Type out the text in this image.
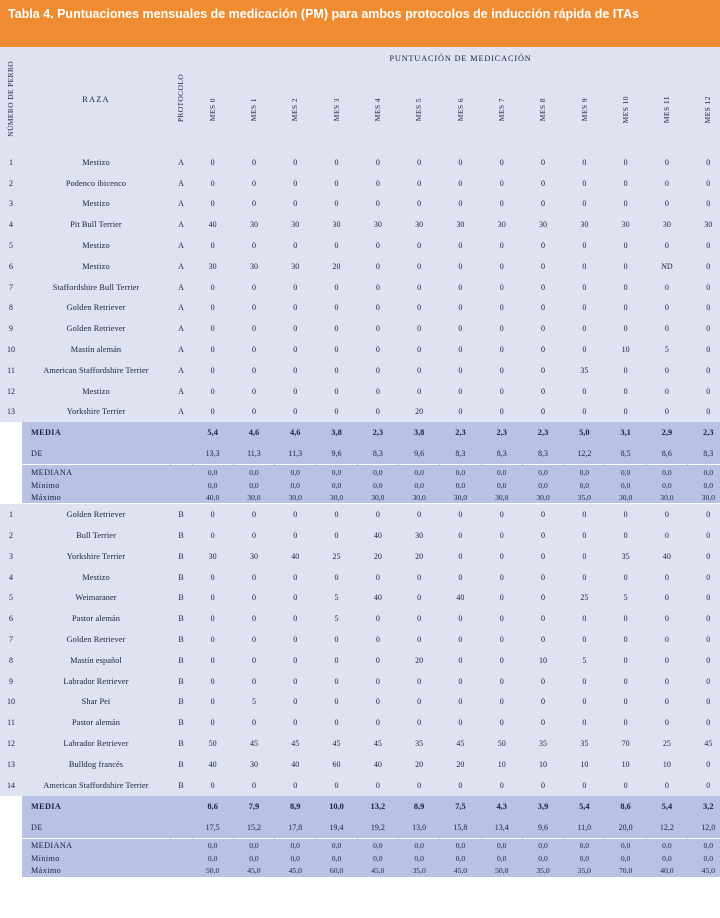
Tabla 4. Puntuaciones mensuales de medicación (PM) para ambos protocolos de inducción rápida de ITAs
NÚMERO DE PERRO	RAZA	PROTOCOLO	PUNTUACIÓN DE MEDICACIÓN												
			MES 0	MES 1	MES 2	MES 3	MES 4	MES 5	MES 6	MES 7	MES 8	MES 9	MES 10	MES 11	MES 12
1	Mestizo	A	0	0	0	0	0	0	0	0	0	0	0	0	0
2	Podenco ibicenco	A	0	0	0	0	0	0	0	0	0	0	0	0	0
3	Mestizo	A	0	0	0	0	0	0	0	0	0	0	0	0	0
4	Pit Bull Terrier	A	40	30	30	30	30	30	30	30	30	30	30	30	30
5	Mestizo	A	0	0	0	0	0	0	0	0	0	0	0	0	0
6	Mestizo	A	30	30	30	20	0	0	0	0	0	0	0	ND	0
7	Staffordshire Bull Terrier	A	0	0	0	0	0	0	0	0	0	0	0	0	0
8	Golden Retriever	A	0	0	0	0	0	0	0	0	0	0	0	0	0
9	Golden Retriever	A	0	0	0	0	0	0	0	0	0	0	0	0	0
10	Mastín alemán	A	0	0	0	0	0	0	0	0	0	0	10	5	0
11	American Staffordshire Terrier	A	0	0	0	0	0	0	0	0	0	35	0	0	0
12	Mestizo	A	0	0	0	0	0	0	0	0	0	0	0	0	0
13	Yorkshire Terrier	A	0	0	0	0	0	20	0	0	0	0	0	0	0
	MEDIA		5,4	4,6	4,6	3,8	2,3	3,8	2,3	2,3	2,3	5,0	3,1	2,9	2,3
	DE		13,3	11,3	11,3	9,6	8,3	9,6	8,3	8,3	8,3	12,2	8,5	8,6	8,3
	MEDIANA		0,0	0,0	0,0	0,0	0,0	0,0	0,0	0,0	0,0	0,0	0,0	0,0	0,0
	Mínimo		0,0	0,0	0,0	0,0	0,0	0,0	0,0	0,0	0,0	0,0	0,0	0,0	0,0
	Máximo		40,0	30,0	30,0	30,0	30,0	30,0	30,0	30,0	30,0	35,0	30,0	30,0	30,0
1	Golden Retriever	B	0	0	0	0	0	0	0	0	0	0	0	0	0
2	Bull Terrier	B	0	0	0	0	40	30	0	0	0	0	0	0	0
3	Yorkshire Terrier	B	30	30	40	25	20	20	0	0	0	0	35	40	0
4	Mestizo	B	0	0	0	0	0	0	0	0	0	0	0	0	0
5	Weimaraner	B	0	0	0	5	40	0	40	0	0	25	5	0	0
6	Pastor alemán	B	0	0	0	5	0	0	0	0	0	0	0	0	0
7	Golden Retriever	B	0	0	0	0	0	0	0	0	0	0	0	0	0
8	Mastín español	B	0	0	0	0	0	20	0	0	10	5	0	0	0
9	Labrador Retriever	B	0	0	0	0	0	0	0	0	0	0	0	0	0
10	Shar Pei	B	0	5	0	0	0	0	0	0	0	0	0	0	0
11	Pastor alemán	B	0	0	0	0	0	0	0	0	0	0	0	0	0
12	Labrador Retriever	B	50	45	45	45	45	35	45	50	35	35	70	25	45
13	Bulldog francés	B	40	30	40	60	40	20	20	10	10	10	10	10	0
14	American Staffordshire Terrier	B	0	0	0	0	0	0	0	0	0	0	0	0	0
	MEDIA		8,6	7,9	8,9	10,0	13,2	8,9	7,5	4,3	3,9	5,4	8,6	5,4	3,2
	DE		17,5	15,2	17,8	19,4	19,2	13,0	15,8	13,4	9,6	11,0	20,0	12,2	12,0
	MEDIANA		0,0	0,0	0,0	0,0	0,0	0,0	0,0	0,0	0,0	0,0	0,0	0,0	0,0
	Mínimo		0,0	0,0	0,0	0,0	0,0	0,0	0,0	0,0	0,0	0,0	0,0	0,0	0,0
	Máximo		50,0	45,0	45,0	60,0	45,0	35,0	45,0	50,0	35,0	35,0	70,0	40,0	45,0
